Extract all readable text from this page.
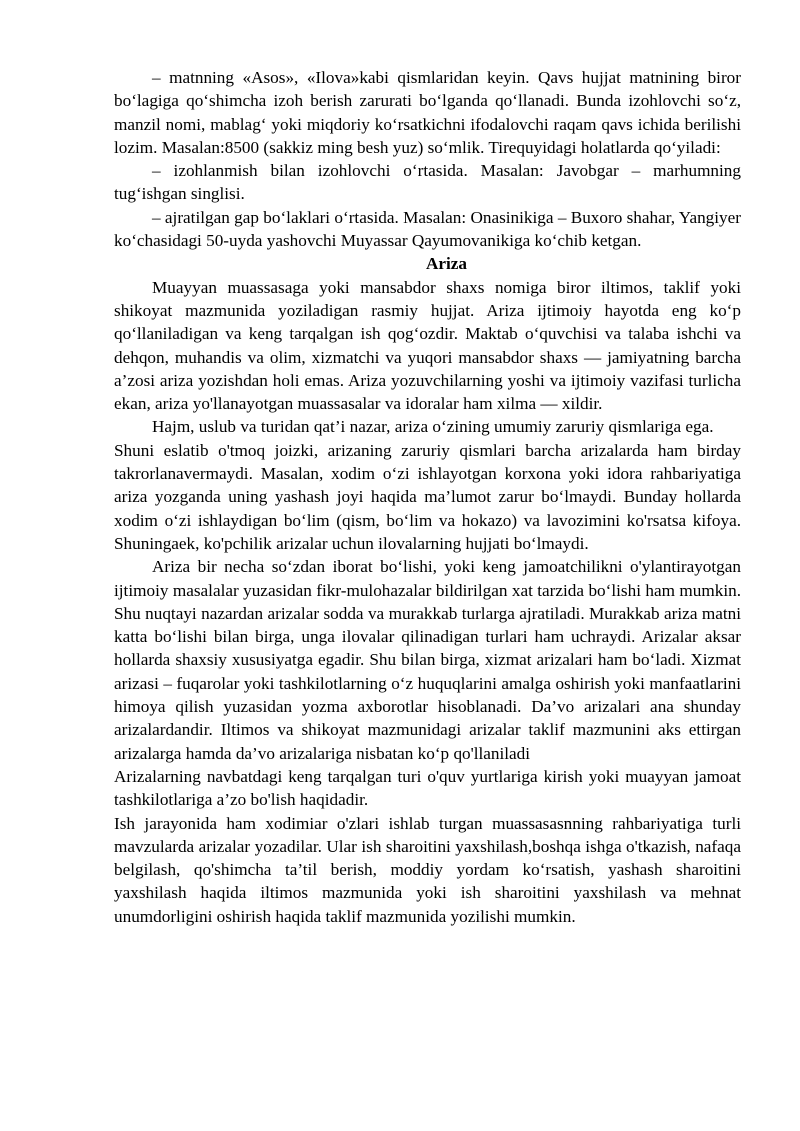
– matnning «Asos», «Ilova»kabi qismlaridan keyin. Qavs hujjat matnining biror bo‘lagiga qo‘shimcha izoh berish zarurati bo‘lganda qo‘llanadi. Bunda izohlovchi so‘z, manzil nomi, mablag‘ yoki miqdoriy ko‘rsatkichni ifodalovchi raqam qavs ichida berilishi lozim. Masalan:8500 (sakkiz ming besh yuz) so‘mlik. Tirequyidagi holatlarda qo‘yiladi:

– izohlanmish bilan izohlovchi o‘rtasida. Masalan: Javobgar – marhumning tug‘ishgan singlisi.

– ajratilgan gap bo‘laklari o‘rtasida. Masalan: Onasinikiga – Buxoro shahar, Yangiyer ko‘chasidagi 50-uyda yashovchi Muyassar Qayumovanikiga ko‘chib ketgan.

Ariza

Muayyan muassasaga yoki mansabdor shaxs nomiga biror iltimos, taklif yoki shikoyat mazmunida yoziladigan rasmiy hujjat. Ariza ijtimoiy hayotda eng ko‘p qo‘llaniladigan va keng tarqalgan ish qog‘ozdir. Maktab o‘quvchisi va talaba ishchi va dehqon, muhandis va olim, xizmatchi va yuqori mansabdor shaxs — jamiyatning barcha a’zosi ariza yozishdan holi emas. Ariza yozuvchilarning yoshi va ijtimoiy vazifasi turlicha ekan, ariza yo'llanayotgan muassasalar va idoralar ham xilma — xildir.

Hajm, uslub va turidan qat’i nazar, ariza o‘zining umumiy zaruriy qismlariga ega.

Shuni eslatib o'tmoq joizki, arizaning zaruriy qismlari barcha arizalarda ham birday takrorlanavermaydi. Masalan, xodim o‘zi ishlayotgan korxona yoki idora rahbariyatiga ariza yozganda uning yashash joyi haqida ma’lumot zarur bo‘lmaydi. Bunday hollarda xodim o‘zi ishlaydigan bo‘lim (qism, bo‘lim va hokazo) va lavozimini ko'rsatsa kifoya. Shuningaek, ko'pchilik arizalar uchun ilovalarning hujjati bo‘lmaydi.

Ariza bir necha so‘zdan iborat bo‘lishi, yoki keng jamoatchilikni o'ylantirayotgan ijtimoiy masalalar yuzasidan fikr-mulohazalar bildirilgan xat tarzida bo‘lishi ham mumkin. Shu nuqtayi nazardan arizalar sodda va murakkab turlarga ajratiladi. Murakkab ariza matni katta bo‘lishi bilan birga, unga ilovalar qilinadigan turlari ham uchraydi. Arizalar aksar hollarda shaxsiy xususiyatga egadir. Shu bilan birga, xizmat arizalari ham bo‘ladi. Xizmat arizasi – fuqarolar yoki tashkilotlarning o‘z huquqlarini amalga oshirish yoki manfaatlarini himoya qilish yuzasidan yozma axborotlar hisoblanadi. Da’vo arizalari ana shunday arizalardandir. Iltimos va shikoyat mazmunidagi arizalar taklif mazmunini aks ettirgan arizalarga hamda da’vo arizalariga nisbatan ko‘p qo'llaniladi

Arizalarning navbatdagi keng tarqalgan turi o'quv yurtlariga kirish yoki muayyan jamoat tashkilotlariga a’zo bo'lish haqidadir.

Ish jarayonida ham xodimiar o'zlari ishlab turgan muassasasnning rahbariyatiga turli mavzularda arizalar yozadilar. Ular ish sharoitini yaxshilash,boshqa ishga o'tkazish, nafaqa belgilash, qo'shimcha ta’til berish, moddiy yordam ko‘rsatish, yashash sharoitini yaxshilash haqida iltimos mazmunida yoki ish sharoitini yaxshilash va mehnat unumdorligini oshirish haqida taklif mazmunida yozilishi mumkin.
